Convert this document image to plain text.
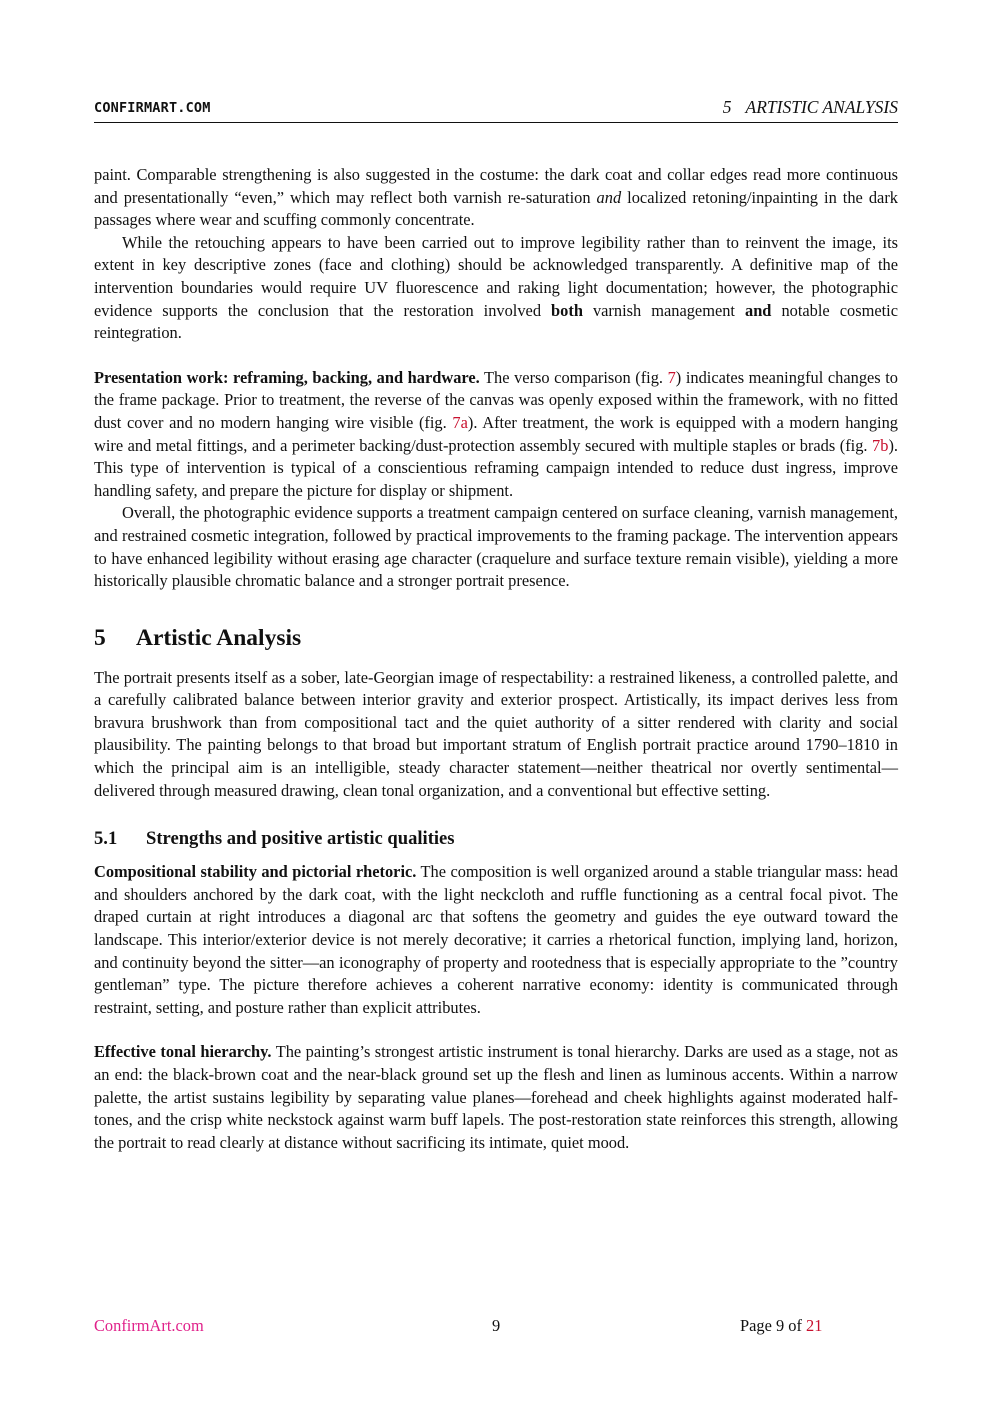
CONFIRMART.COM	5 ARTISTIC ANALYSIS

paint. Comparable strengthening is also suggested in the costume: the dark coat and collar edges read more continuous and presentationally “even,” which may reflect both varnish re-saturation and localized retoning/inpainting in the dark passages where wear and scuffing commonly concentrate.

While the retouching appears to have been carried out to improve legibility rather than to reinvent the image, its extent in key descriptive zones (face and clothing) should be acknowledged transparently. A definitive map of the intervention boundaries would require UV fluorescence and raking light documentation; however, the photographic evidence supports the conclusion that the restoration involved both varnish management and notable cosmetic reintegration.

Presentation work: reframing, backing, and hardware. The verso comparison (fig. 7) indicates meaningful changes to the frame package. Prior to treatment, the reverse of the canvas was openly exposed within the framework, with no fitted dust cover and no modern hanging wire visible (fig. 7a). After treatment, the work is equipped with a modern hanging wire and metal fittings, and a perimeter backing/dust-protection assembly secured with multiple staples or brads (fig. 7b). This type of intervention is typical of a conscientious reframing campaign intended to reduce dust ingress, improve handling safety, and prepare the picture for display or shipment.

Overall, the photographic evidence supports a treatment campaign centered on surface cleaning, varnish management, and restrained cosmetic integration, followed by practical improvements to the framing package. The intervention appears to have enhanced legibility without erasing age character (craquelure and surface texture remain visible), yielding a more historically plausible chromatic balance and a stronger portrait presence.

5 Artistic Analysis

The portrait presents itself as a sober, late-Georgian image of respectability: a restrained likeness, a controlled palette, and a carefully calibrated balance between interior gravity and exterior prospect. Artistically, its impact derives less from bravura brushwork than from compositional tact and the quiet authority of a sitter rendered with clarity and social plausibility. The painting belongs to that broad but important stratum of English portrait practice around 1790–1810 in which the principal aim is an intelligible, steady character statement—neither theatrical nor overtly sentimental—delivered through measured drawing, clean tonal organization, and a conventional but effective setting.

5.1 Strengths and positive artistic qualities

Compositional stability and pictorial rhetoric. The composition is well organized around a stable triangular mass: head and shoulders anchored by the dark coat, with the light neckcloth and ruffle functioning as a central focal pivot. The draped curtain at right introduces a diagonal arc that softens the geometry and guides the eye outward toward the landscape. This interior/exterior device is not merely decorative; it carries a rhetorical function, implying land, horizon, and continuity beyond the sitter—an iconography of property and rootedness that is especially appropriate to the ”country gentleman” type. The picture therefore achieves a coherent narrative economy: identity is communicated through restraint, setting, and posture rather than explicit attributes.

Effective tonal hierarchy. The painting’s strongest artistic instrument is tonal hierarchy. Darks are used as a stage, not as an end: the black-brown coat and the near-black ground set up the flesh and linen as luminous accents. Within a narrow palette, the artist sustains legibility by separating value planes—forehead and cheek highlights against moderated half-tones, and the crisp white neckstock against warm buff lapels. The post-restoration state reinforces this strength, allowing the portrait to read clearly at distance without sacrificing its intimate, quiet mood.

ConfirmArt.com	9	Page 9 of 21
